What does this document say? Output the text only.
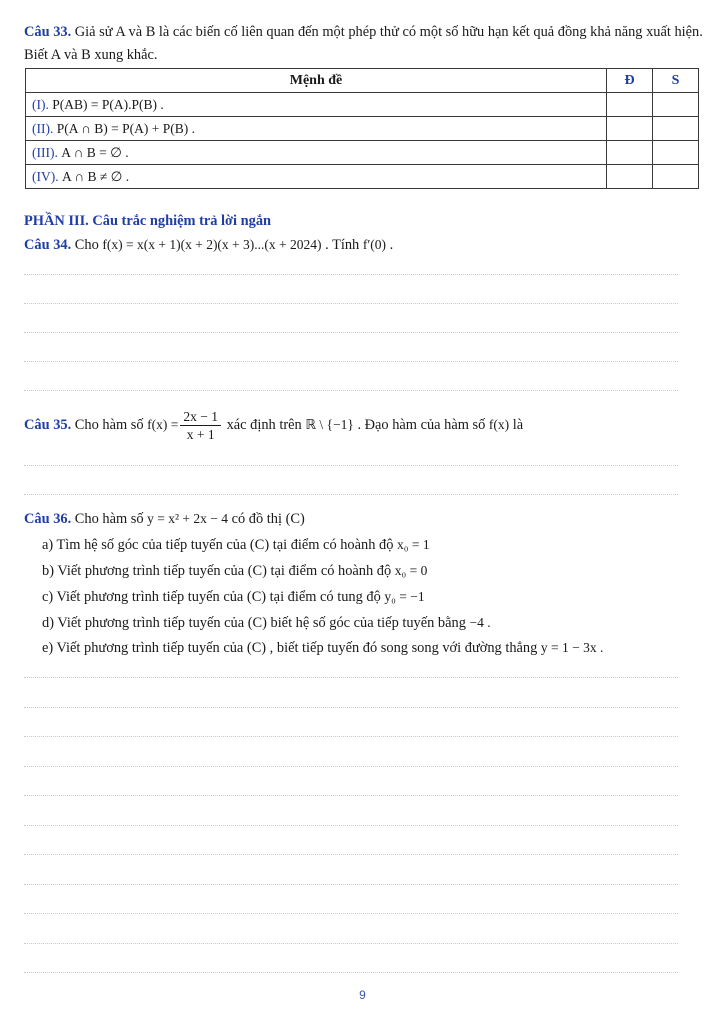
Câu 33. Giả sử A và B là các biến cố liên quan đến một phép thử có một số hữu hạn kết quả đồng khả năng xuất hiện. Biết A và B xung khắc.
Mệnh đề	Đ	S
(I). P(AB) = P(A).P(B) .		
(II). P(A ∩ B) = P(A) + P(B) .		
(III). A ∩ B = ∅ .		
(IV). A ∩ B ≠ ∅ .		
PHẦN III. Câu trắc nghiệm trả lời ngắn
Câu 34. Cho f(x) = x(x + 1)(x + 2)(x + 3)...(x + 2024) . Tính f′(0) .
Câu 35. Cho hàm số $f(x) = \frac{2x - 1}{x + 1}$ xác định trên ℝ \ {−1} . Đạo hàm của hàm số f(x) là
Câu 36. Cho hàm số y = x² + 2x − 4 có đồ thị (C)
a) Tìm hệ số góc của tiếp tuyến của (C) tại điểm có hoành độ x₀ = 1
b) Viết phương trình tiếp tuyến của (C) tại điểm có hoành độ x₀ = 0
c) Viết phương trình tiếp tuyến của (C) tại điểm có tung độ y₀ = −1
d) Viết phương trình tiếp tuyến của (C) biết hệ số góc của tiếp tuyến bằng −4 .
e) Viết phương trình tiếp tuyến của (C) , biết tiếp tuyến đó song song với đường thẳng y = 1 − 3x .
9
